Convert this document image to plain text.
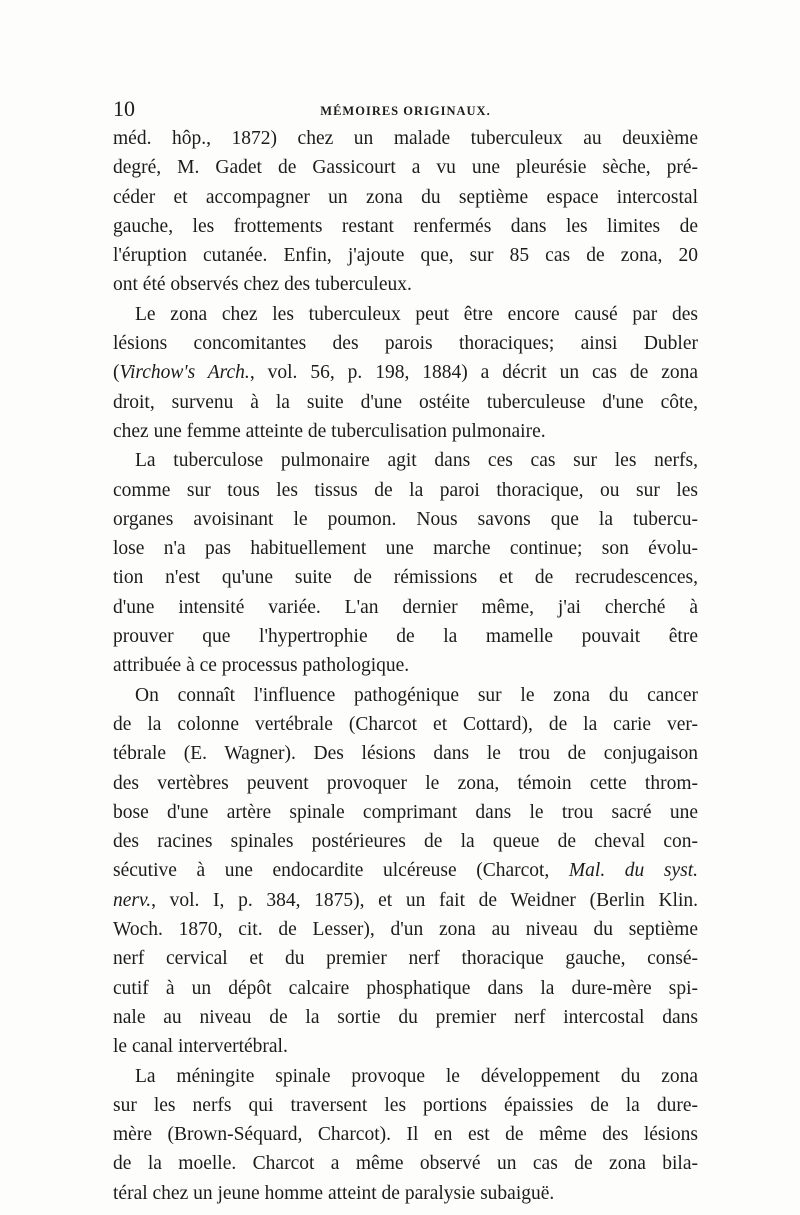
10	MÉMOIRES ORIGINAUX.
méd. hôp., 1872) chez un malade tuberculeux au deuxième
degré, M. Gadet de Gassicourt a vu une pleurésie sèche, pré-
céder et accompagner un zona du septième espace intercostal
gauche, les frottements restant renfermés dans les limites de
l'éruption cutanée. Enfin, j'ajoute que, sur 85 cas de zona, 20
ont été observés chez des tuberculeux.
Le zona chez les tuberculeux peut être encore causé par des
lésions concomitantes des parois thoraciques; ainsi Dubler
(Virchow's Arch., vol. 56, p. 198, 1884) a décrit un cas de zona
droit, survenu à la suite d'une ostéite tuberculeuse d'une côte,
chez une femme atteinte de tuberculisation pulmonaire.
La tuberculose pulmonaire agit dans ces cas sur les nerfs,
comme sur tous les tissus de la paroi thoracique, ou sur les
organes avoisinant le poumon. Nous savons que la tubercu-
lose n'a pas habituellement une marche continue; son évolu-
tion n'est qu'une suite de rémissions et de recrudescences,
d'une intensité variée. L'an dernier même, j'ai cherché à
prouver que l'hypertrophie de la mamelle pouvait être
attribuée à ce processus pathologique.
On connaît l'influence pathogénique sur le zona du cancer
de la colonne vertébrale (Charcot et Cottard), de la carie ver-
tébrale (E. Wagner). Des lésions dans le trou de conjugaison
des vertèbres peuvent provoquer le zona, témoin cette throm-
bose d'une artère spinale comprimant dans le trou sacré une
des racines spinales postérieures de la queue de cheval con-
sécutive à une endocardite ulcéreuse (Charcot, Mal. du syst.
nerv., vol. I, p. 384, 1875), et un fait de Weidner (Berlin Klin.
Woch. 1870, cit. de Lesser), d'un zona au niveau du septième
nerf cervical et du premier nerf thoracique gauche, consé-
cutif à un dépôt calcaire phosphatique dans la dure-mère spi-
nale au niveau de la sortie du premier nerf intercostal dans
le canal intervertébral.
La méningite spinale provoque le développement du zona
sur les nerfs qui traversent les portions épaissies de la dure-
mère (Brown-Séquard, Charcot). Il en est de même des lésions
de la moelle. Charcot a même observé un cas de zona bila-
téral chez un jeune homme atteint de paralysie subaiguë.
